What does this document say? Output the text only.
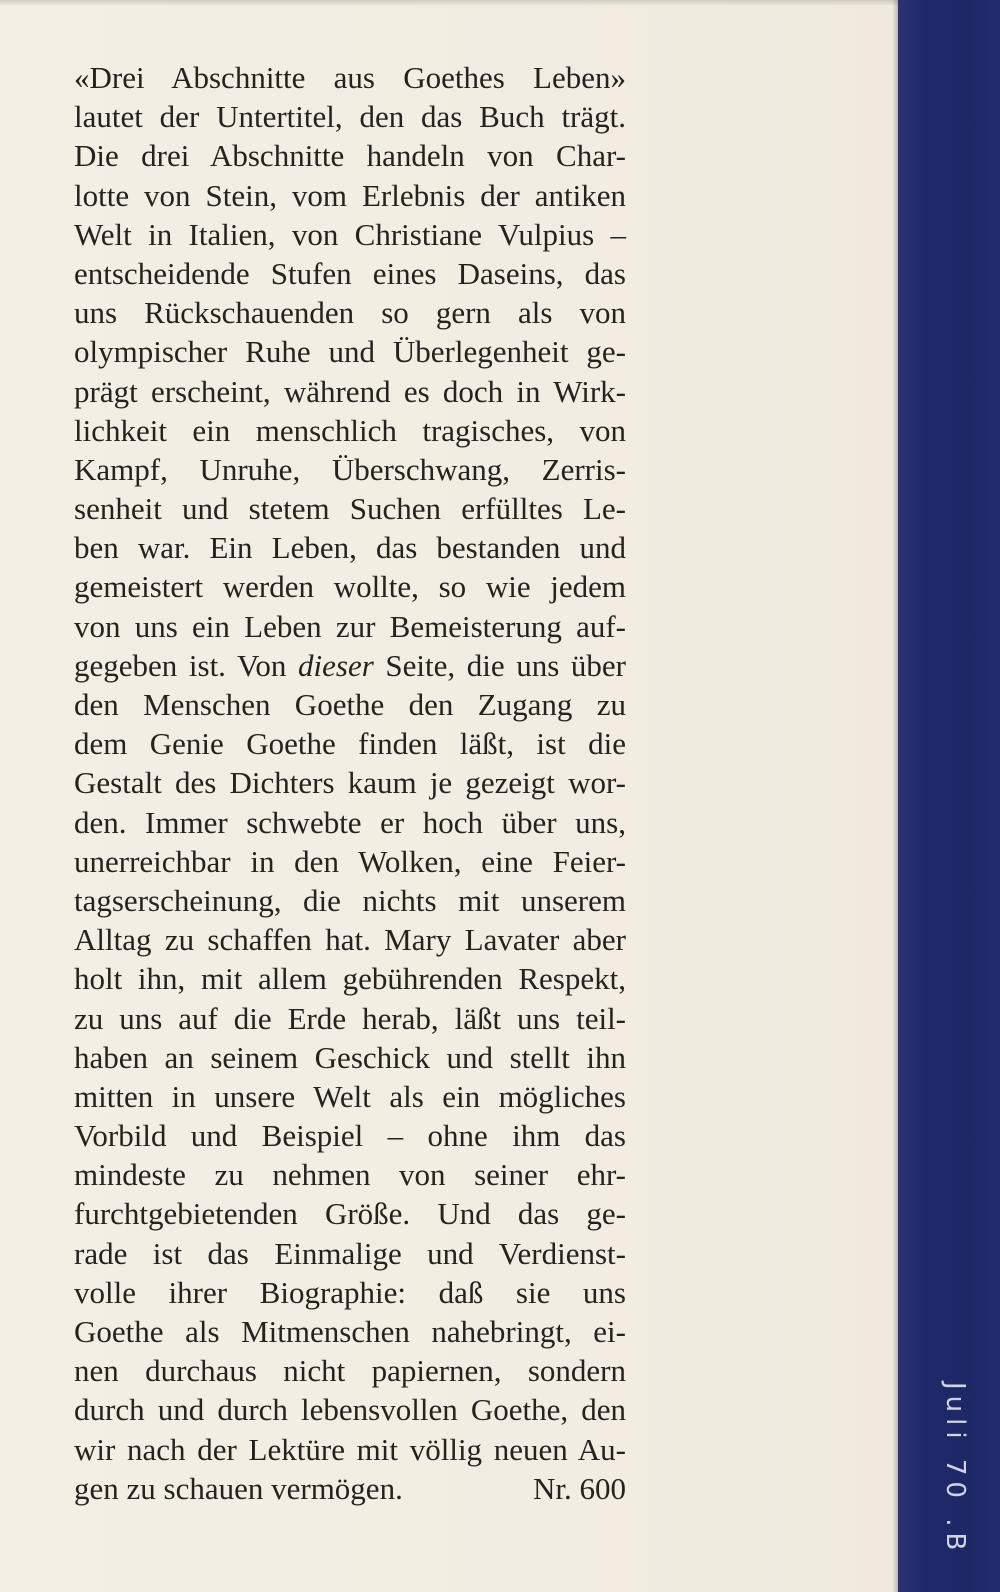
«Drei Abschnitte aus Goethes Leben»
lautet der Untertitel, den das Buch trägt.
Die drei Abschnitte handeln von Char-
lotte von Stein, vom Erlebnis der antiken
Welt in Italien, von Christiane Vulpius –
entscheidende Stufen eines Daseins, das
uns Rückschauenden so gern als von
olympischer Ruhe und Überlegenheit ge-
prägt erscheint, während es doch in Wirk-
lichkeit ein menschlich tragisches, von
Kampf, Unruhe, Überschwang, Zerris-
senheit und stetem Suchen erfülltes Le-
ben war. Ein Leben, das bestanden und
gemeistert werden wollte, so wie jedem
von uns ein Leben zur Bemeisterung auf-
gegeben ist. Von dieser Seite, die uns über
den Menschen Goethe den Zugang zu
dem Genie Goethe finden läßt, ist die
Gestalt des Dichters kaum je gezeigt wor-
den. Immer schwebte er hoch über uns,
unerreichbar in den Wolken, eine Feier-
tagserscheinung, die nichts mit unserem
Alltag zu schaffen hat. Mary Lavater aber
holt ihn, mit allem gebührenden Respekt,
zu uns auf die Erde herab, läßt uns teil-
haben an seinem Geschick und stellt ihn
mitten in unsere Welt als ein mögliches
Vorbild und Beispiel – ohne ihm das
mindeste zu nehmen von seiner ehr-
furchtgebietenden Größe. Und das ge-
rade ist das Einmalige und Verdienst-
volle ihrer Biographie: daß sie uns
Goethe als Mitmenschen nahebringt, ei-
nen durchaus nicht papiernen, sondern
durch und durch lebensvollen Goethe, den
wir nach der Lektüre mit völlig neuen Au-
gen zu schauen vermögen.	Nr. 600	Juli 70 .B
